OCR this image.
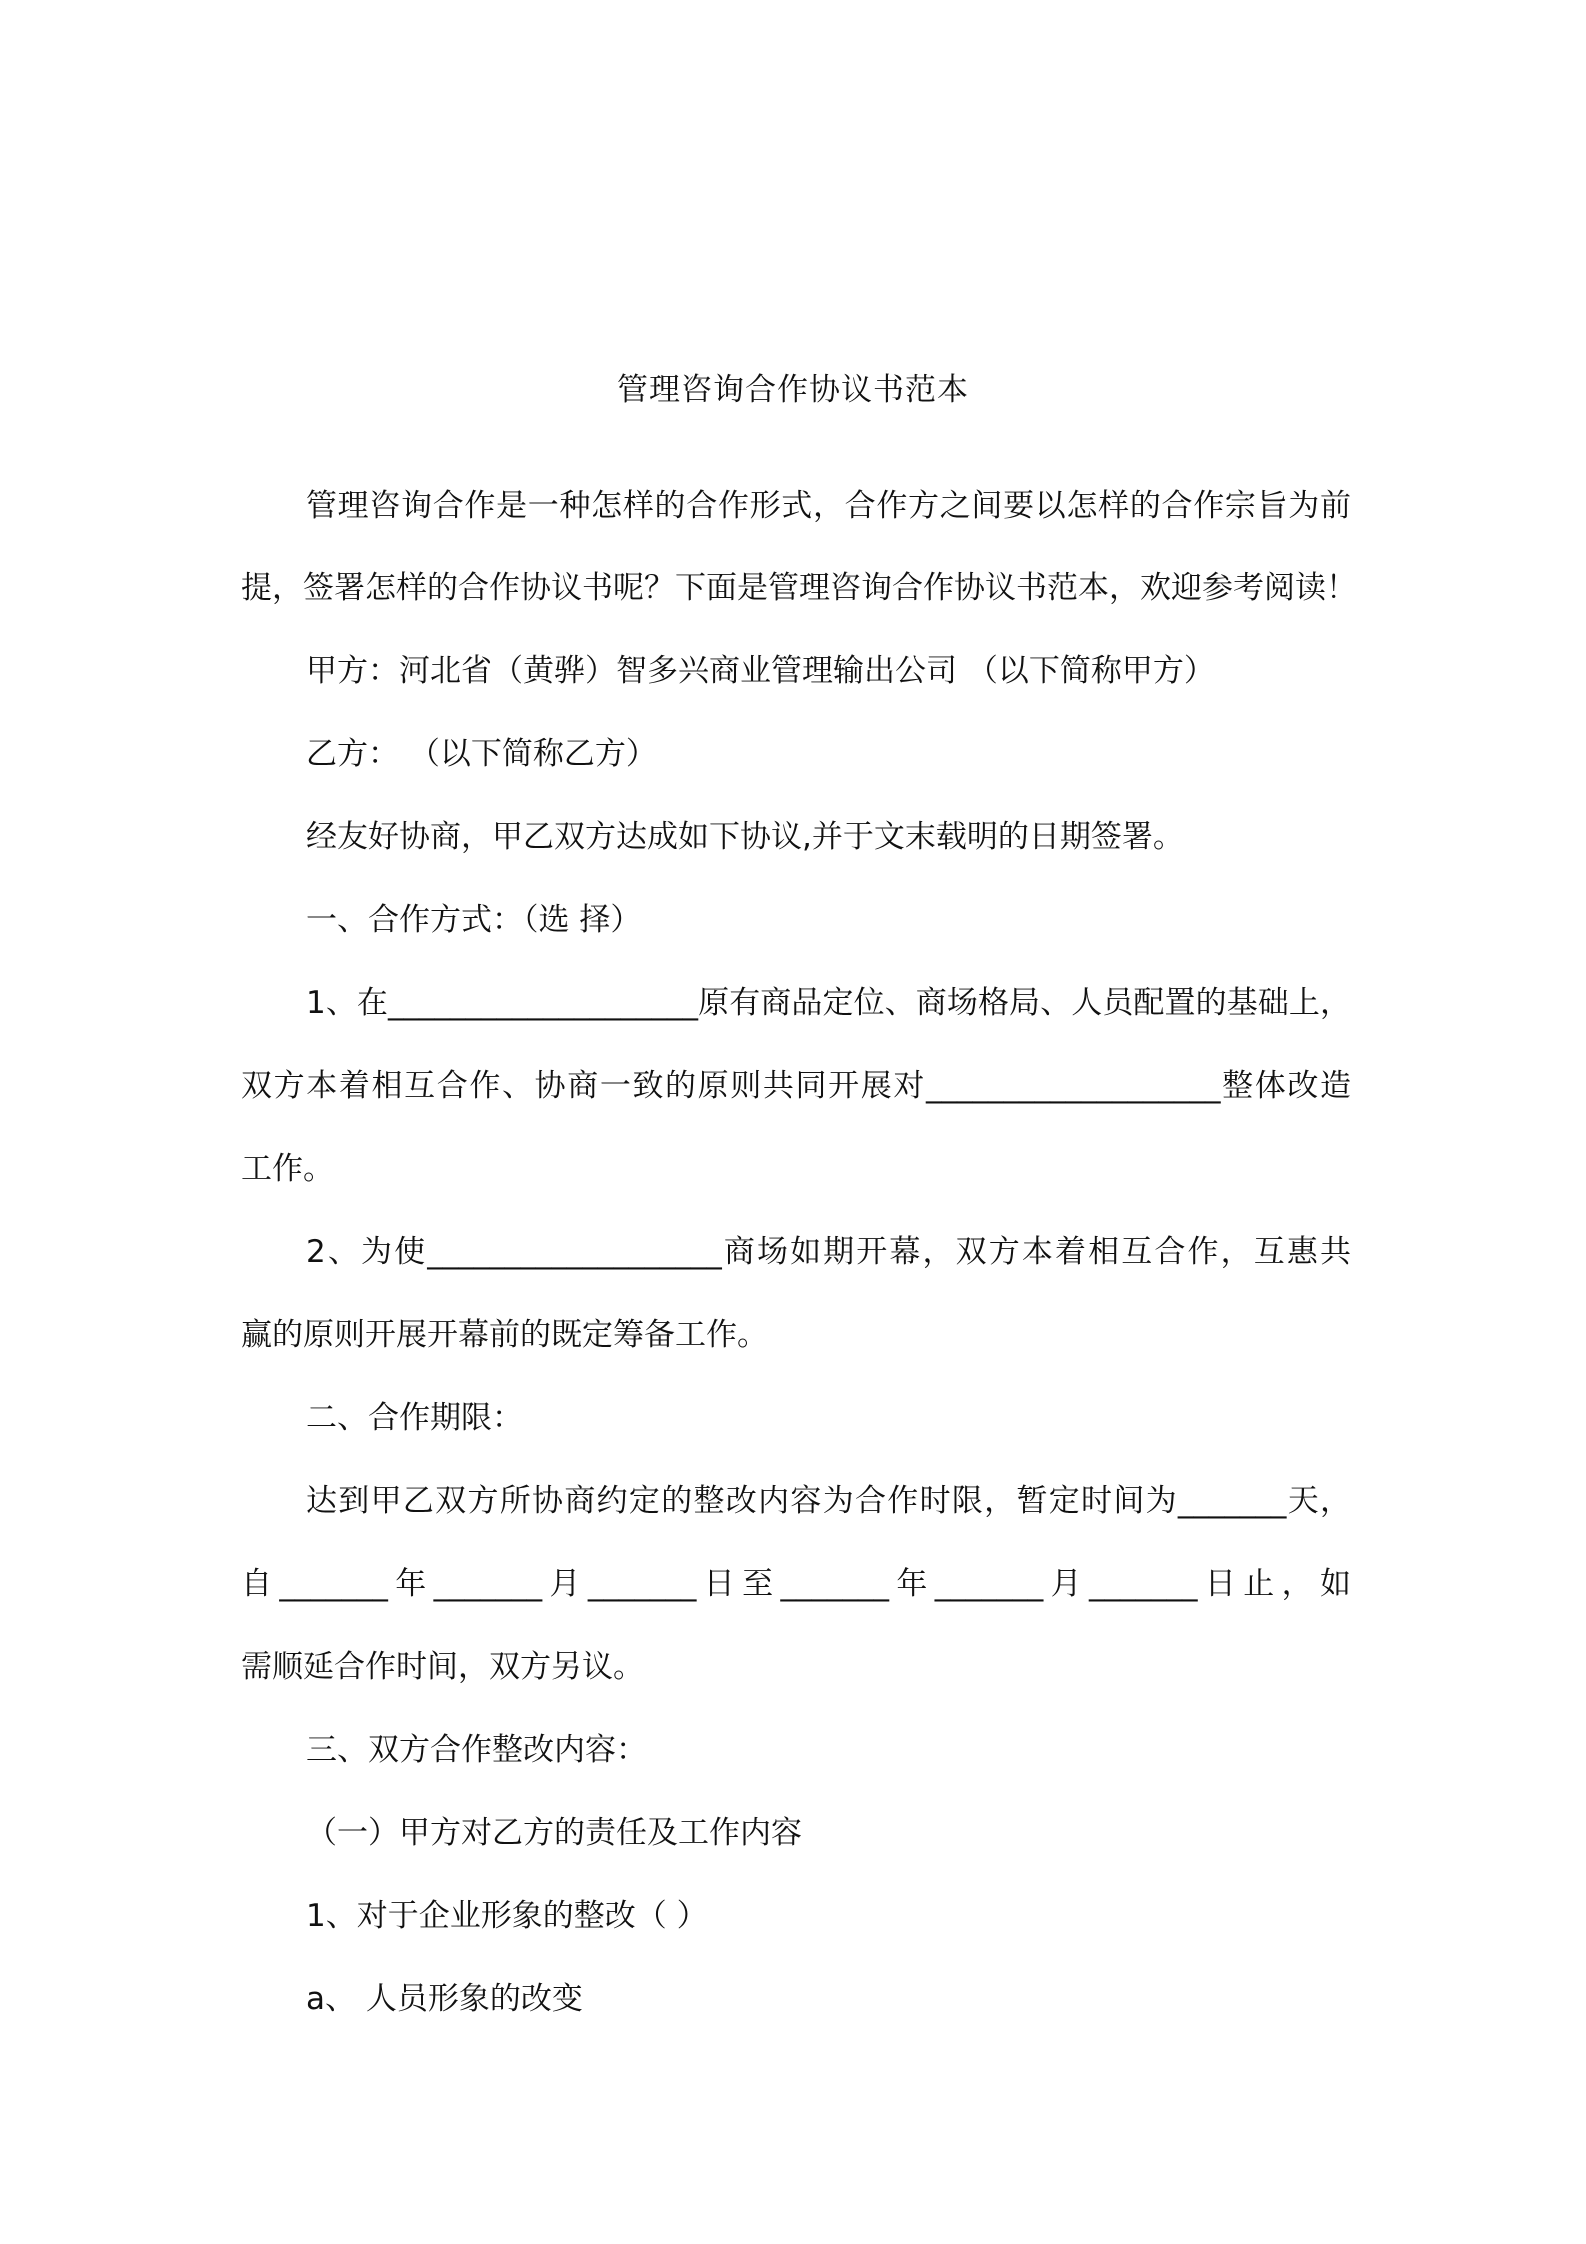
管理咨询合作协议书范本
管理咨询合作是一种怎样的合作形式，合作方之间要以怎样的合作宗旨为前
提，签署怎样的合作协议书呢？下面是管理咨询合作协议书范本，欢迎参考阅读！
甲方：河北省（黄骅）智多兴商业管理输出公司 （以下简称甲方）
乙方： （以下简称乙方）
经友好协商，甲乙双方达成如下协议,并于文末载明的日期签署。
一、合作方式：（选 择）
1、在____________________原有商品定位、商场格局、人员配置的基础上，
双方本着相互合作、协商一致的原则共同开展对___________________整体改造
工作。
2、为使___________________商场如期开幕，双方本着相互合作，互惠共
赢的原则开展开幕前的既定筹备工作。
二、合作期限：
达到甲乙双方所协商约定的整改内容为合作时限，暂定时间为_______天，
自_______年_______月_______日至_______年_______月_______日止，如
需顺延合作时间，双方另议。
三、双方合作整改内容：
（一）甲方对乙方的责任及工作内容
1、对于企业形象的整改（ ）
a、 人员形象的改变
